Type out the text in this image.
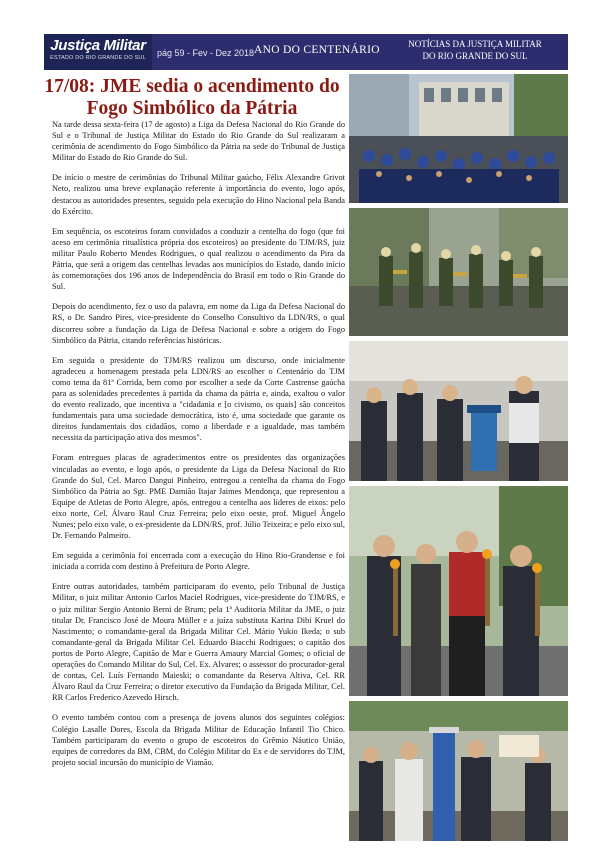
Justiça Militar
ESTADO DO RIO GRANDE DO SUL	pág 59 - Fev - Dez 2018 ANO DO CENTENÁRIO	NOTÍCIAS DA JUSTIÇA MILITAR
DO RIO GRANDE DO SUL
17/08: JME sedia o acendimento do
Fogo Simbólico da Pátria

Na tarde dessa sexta-feira (17 de agosto) a Liga da Defesa Nacional do Rio Grande do Sul e o Tribunal de Justiça Militar do Estado do Rio Grande do Sul realizaram a cerimônia de acendimento do Fogo Simbólico da Pátria na sede do Tribunal de Justiça Militar do Estado do Rio Grande do Sul.

De início o mestre de cerimônias do Tribunal Militar gaúcho, Félix Alexandre Grivot Neto, realizou uma breve explanação referente à importância do evento, logo após, destacou as autoridades presentes, seguido pela execução do Hino Nacional pela Banda do Exército.

Em sequência, os escoteiros foram convidados a conduzir a centelha do fogo (que foi aceso em cerimônia ritualística própria dos escoteiros) ao presidente do TJM/RS, juiz militar Paulo Roberto Mendes Rodrigues, o qual realizou o acendimento da Pira da Pátria, que será a origem das centelhas levadas aos municípios do Estado, dando início às comemorações dos 196 anos de Independência do Brasil em todo o Rio Grande do Sul.

Depois do acendimento, fez o uso da palavra, em nome da Liga da Defesa Nacional do RS, o Dr. Sandro Pires, vice-presidente do Conselho Consultivo da LDN/RS, o qual discorreu sobre a fundação da Liga de Defesa Nacional e sobre a origem do Fogo Simbólico da Pátria, citando referências históricas.

Em seguida o presidente do TJM/RS realizou um discurso, onde inicialmente agradeceu a homenagem prestada pela LDN/RS ao escolher o Centenário do TJM como tema da 81ª Corrida, bem como por escolher a sede da Corte Castrense gaúcha para as solenidades precedentes à partida da chama da pátria e, ainda, exaltou o valor do evento realizado, que incentiva a "cidadania e [o civismo, os quais] são conceitos fundamentais para uma sociedade democrática, isto é, uma sociedade que garante os direitos fundamentais dos cidadãos, como a liberdade e a igualdade, mas também necessita da participação ativa dos mesmos".

Foram entregues placas de agradecimentos entre os presidentes das organizações vinculadas ao evento, e logo após, o presidente da Liga da Defesa Nacional do Rio Grande do Sul, Cel. Marco Dangui Pinheiro, entregou a centelha da chama do Fogo Simbólico da Pátria ao Sgt. PME Damião Itajar Jaimes Mendonça, que representou a Equipe de Atletas de Porto Alegre, após, entregou a centelha aos líderes de eixos: pelo eixo norte, Cel. Álvaro Raul Cruz Ferreira; pelo eixo oeste, prof. Miguel Ângelo Nunes; pelo eixo vale, o ex-presidente da LDN/RS, prof. Júlio Teixeira; e pelo eixo sul, Dr. Fernando Palmeiro.

Em seguida a cerimônia foi encerrada com a execução do Hino Rio-Grandense e foi iniciada a corrida com destino à Prefeitura de Porto Alegre.

Entre outras autoridades, também participaram do evento, pelo Tribunal de Justiça Militar, o juiz militar Antonio Carlos Maciel Rodrigues, vice-presidente do TJM/RS, e o juiz militar Sergio Antonio Berni de Brum; pela 1ª Auditoria Militar da JME, o juiz titular Dr. Francisco José de Moura Müller e a juíza substituta Karina Dibi Kruel do Nascimento; o comandante-geral da Brigada Militar Cel. Mário Yukio Ikeda; o sub comandante-geral da Brigada Militar Cel. Eduardo Biacchi Rodrigues; o capitão dos portos de Porto Alegre, Capitão de Mar e Guerra Amaury Marcial Gomes; o oficial de operações do Comando Militar do Sul, Cel. Ex. Alvares; o assessor do procurador-geral de contas, Cel. Luís Fernando Maieski; o comandante da Reserva Altiva, Cel. RR Álvaro Raul da Cruz Ferreira; o diretor executivo da Fundação da Brigada Militar, Cel. RR Carlos Frederico Azevedo Hirsch.

O evento também contou com a presença de jovens alunos dos seguintes colégios: Colégio Lasalle Dores, Escola da Brigada Militar de Educação Infantil Tio Chico. Também participaram do evento o grupo de escoteiros do Grêmio Náutico União, equipes de corredores da BM, CBM, do Colégio Militar do Ex e de servidores do TJM, projeto social incursão do município de Viamão.
